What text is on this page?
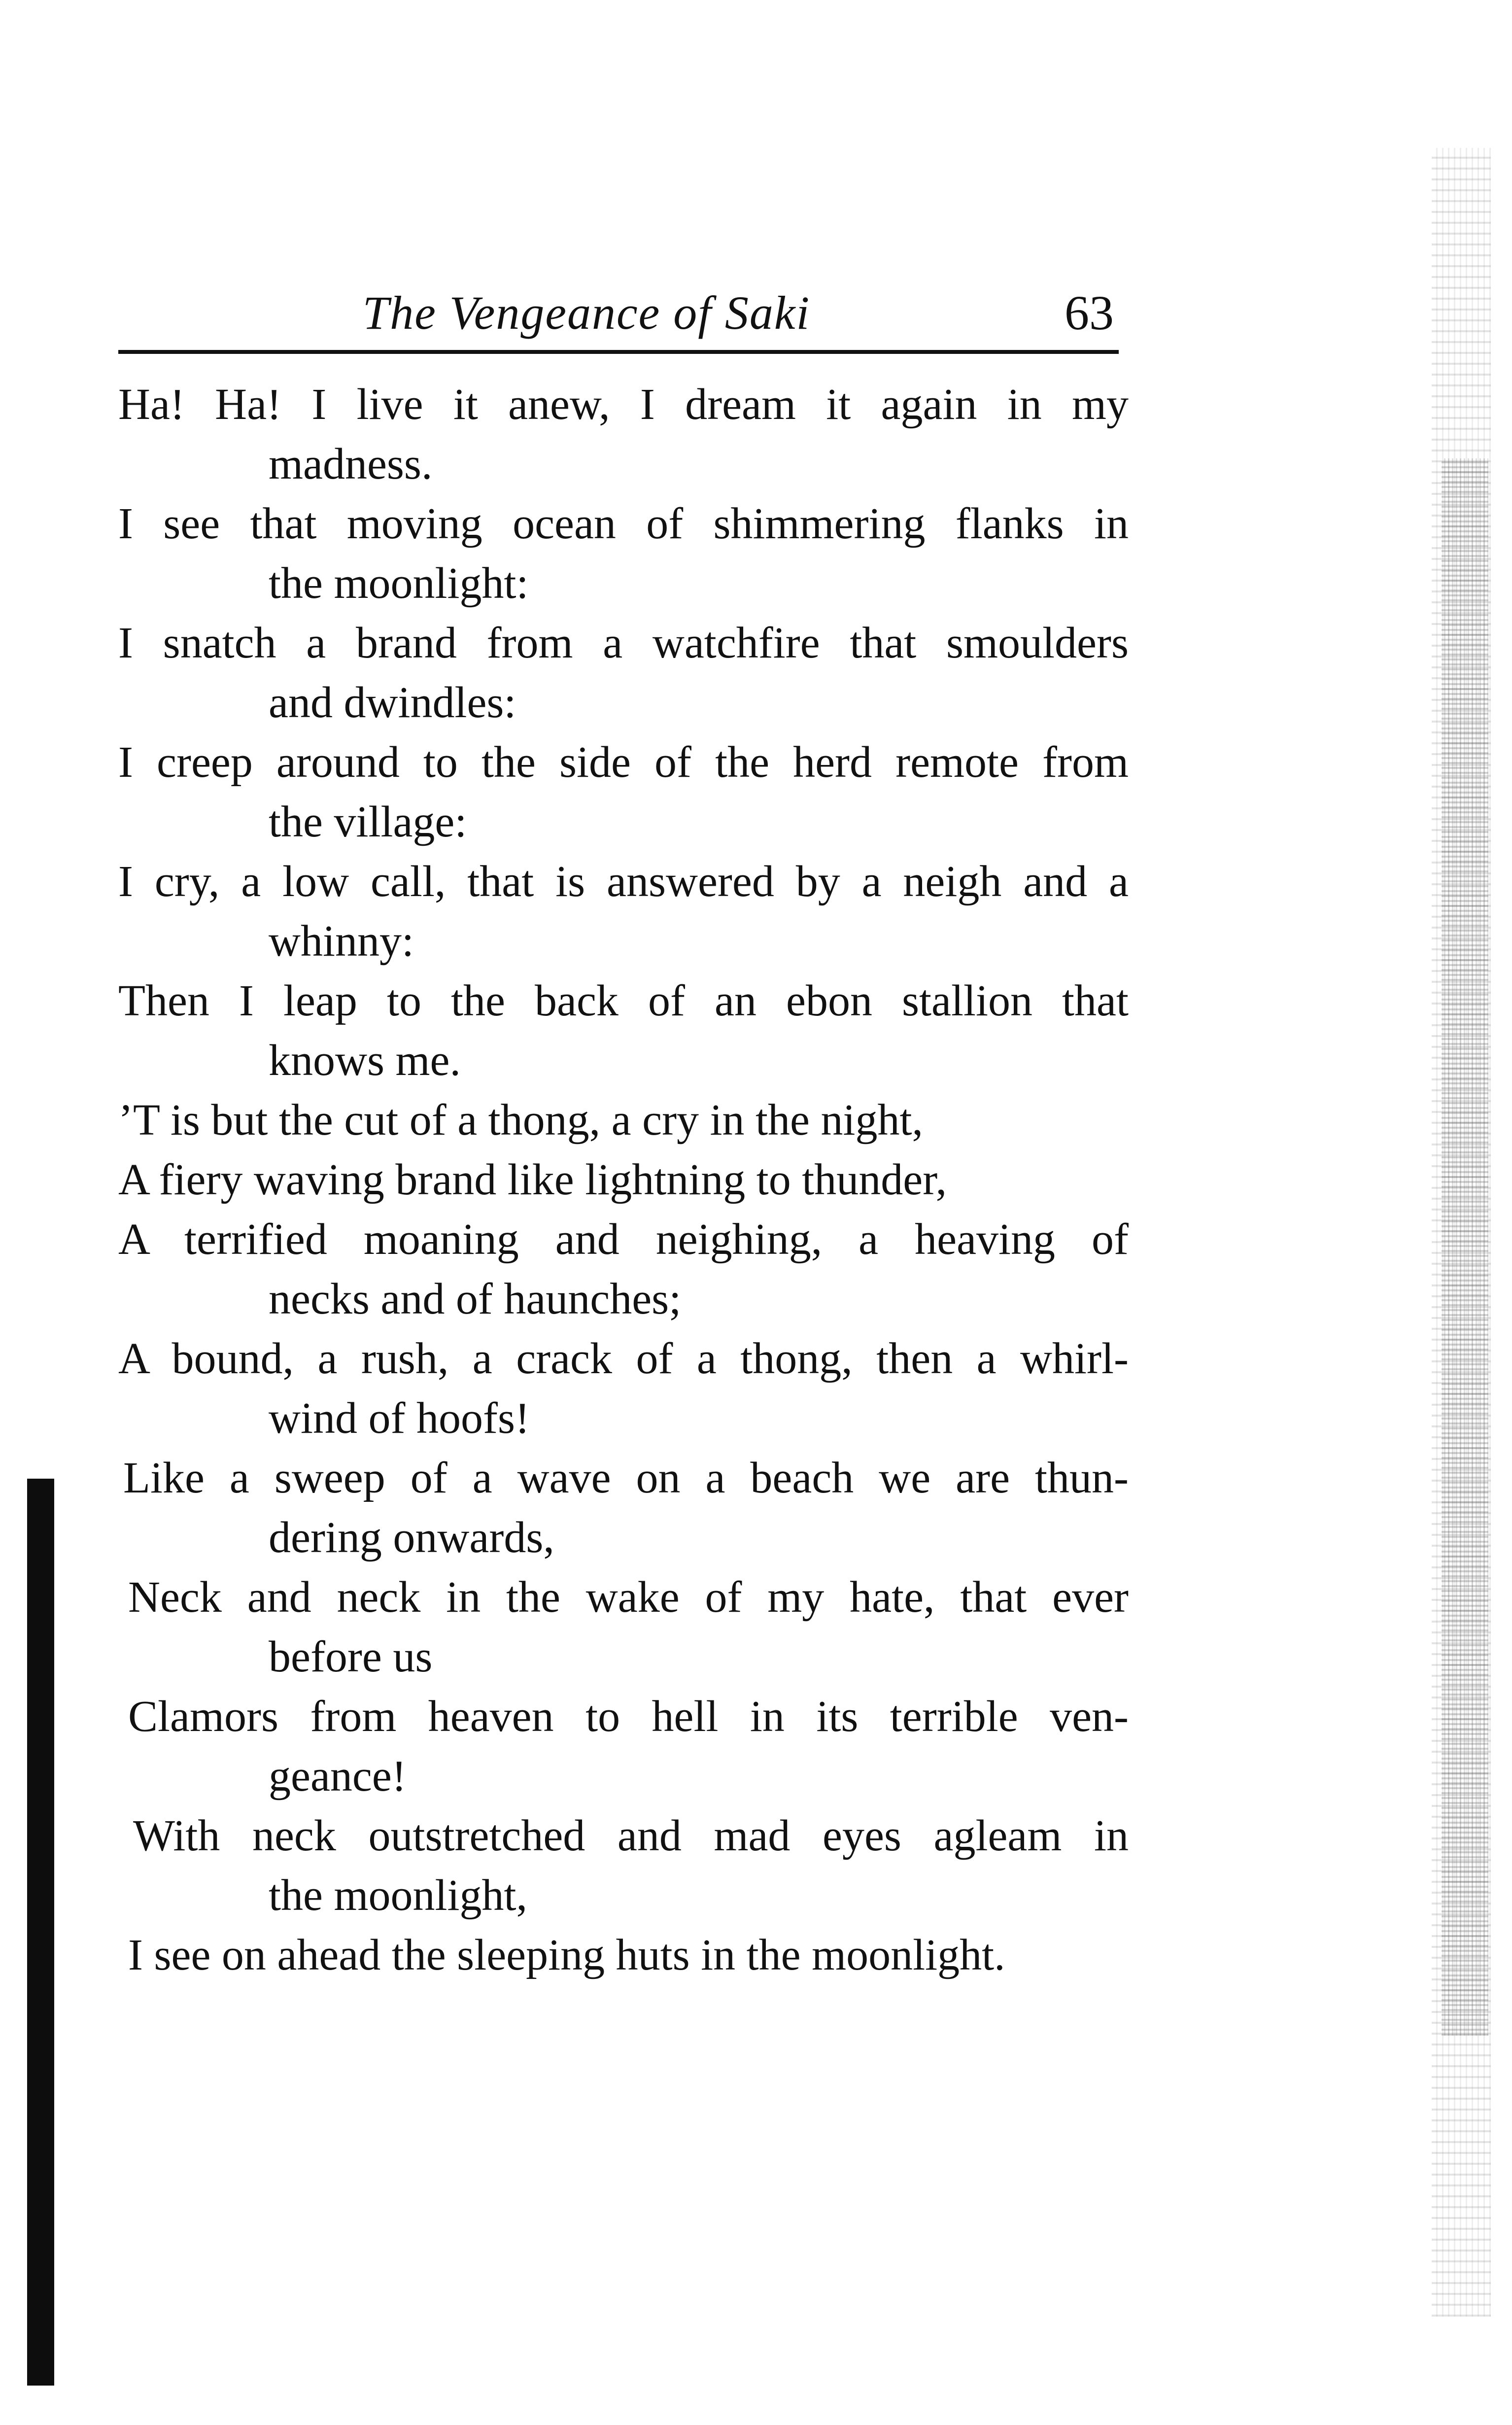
The Vengeance of Saki	63
Ha! Ha! I live it anew, I dream it again in my
madness.
I see that moving ocean of shimmering flanks in
the moonlight:
I snatch a brand from a watchfire that smoulders
and dwindles:
I creep around to the side of the herd remote from
the village:
I cry, a low call, that is answered by a neigh and a
whinny:
Then I leap to the back of an ebon stallion that
knows me.
’T is but the cut of a thong, a cry in the night,
A fiery waving brand like lightning to thunder,
A terrified moaning and neighing, a heaving of
necks and of haunches;
A bound, a rush, a crack of a thong, then a whirl-
wind of hoofs!
Like a sweep of a wave on a beach we are thun-
dering onwards,
Neck and neck in the wake of my hate, that ever
before us
Clamors from heaven to hell in its terrible ven-
geance!
With neck outstretched and mad eyes agleam in
the moonlight,
I see on ahead the sleeping huts in the moonlight.
